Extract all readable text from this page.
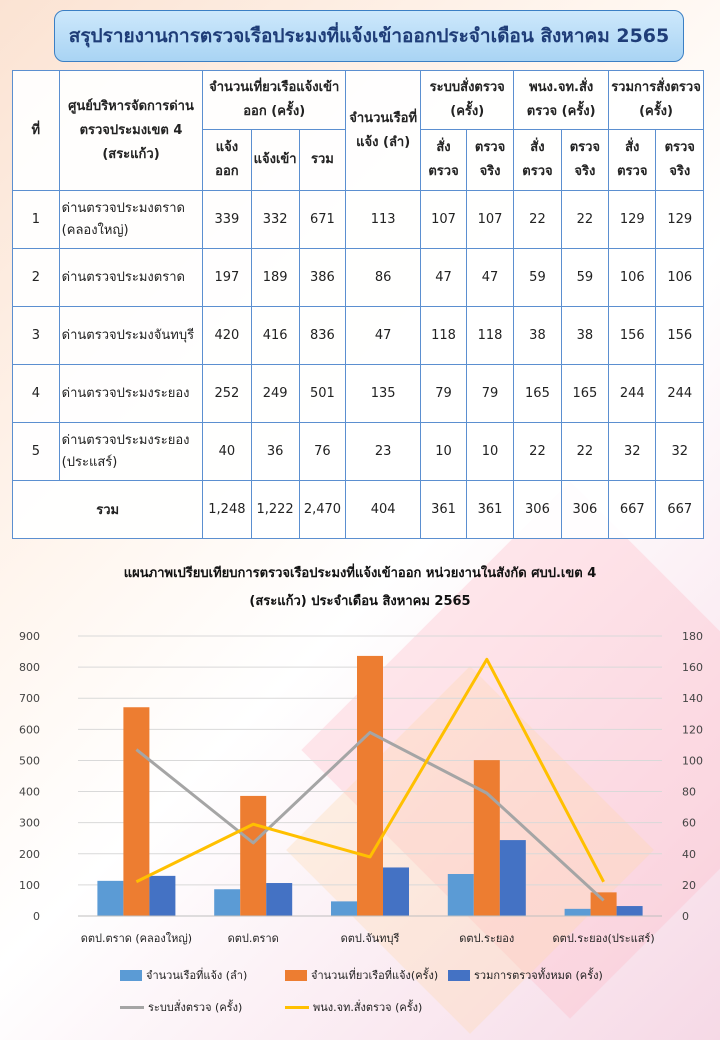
สรุปรายงานการตรวจเรือประมงที่แจ้งเข้าออกประจำเดือน สิงหาคม 2565
ที่	ศูนย์บริหารจัดการด่านตรวจประมงเขต 4 (สระแก้ว)	จำนวนเที่ยวเรือแจ้งเข้าออก (ครั้ง)			จำนวนเรือที่แจ้ง (ลำ)	ระบบสั่งตรวจ (ครั้ง)		พนง.จท.สั่งตรวจ (ครั้ง)		รวมการสั่งตรวจ (ครั้ง)	
		แจ้งออก	แจ้งเข้า	รวม		สั่งตรวจ	ตรวจจริง	สั่งตรวจ	ตรวจจริง	สั่งตรวจ	ตรวจจริง
1	ด่านตรวจประมงตราด (คลองใหญ่)	339	332	671	113	107	107	22	22	129	129
2	ด่านตรวจประมงตราด	197	189	386	86	47	47	59	59	106	106
3	ด่านตรวจประมงจันทบุรี	420	416	836	47	118	118	38	38	156	156
4	ด่านตรวจประมงระยอง	252	249	501	135	79	79	165	165	244	244
5	ด่านตรวจประมงระยอง (ประแสร์)	40	36	76	23	10	10	22	22	32	32
รวม		1,248	1,222	2,470	404	361	361	306	306	667	667
แผนภาพเปรียบเทียบการตรวจเรือประมงที่แจ้งเข้าออก หน่วยงานในสังกัด ศบป.เขต 4
(สระแก้ว) ประจำเดือน สิงหาคม 2565
0
100
200
300
400
500
600
700
800
900
0
20
40
60
80
100
120
140
160
180
ดตป.ตราด (คลองใหญ่)	ดตป.ตราด	ดตป.จันทบุรี	ดตป.ระยอง	ดตป.ระยอง(ประแสร์)
จำนวนเรือที่แจ้ง (ลำ)	จำนวนเที่ยวเรือที่แจ้ง(ครั้ง)	รวมการตรวจทั้งหมด (ครั้ง)
ระบบสั่งตรวจ (ครั้ง)	พนง.จท.สั่งตรวจ (ครั้ง)
